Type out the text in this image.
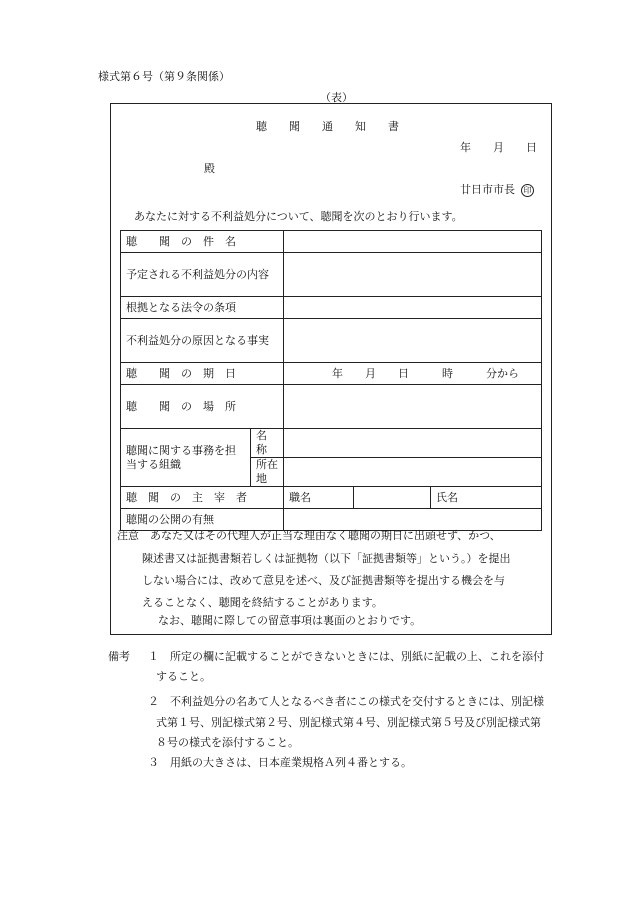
様式第６号（第９条関係）
（表）
聴　　聞　　通　　知　　書
年　　月　　日
殿
廿日市市長 印
あなたに対する不利益処分について、聴聞を次のとおり行います。
聴　　聞　の　件　名				
予定される不利益処分の内容				
根拠となる法令の条項				
不利益処分の原因となる事実				
聴　　聞　の　期　日		年　　月　　日　　　時　　　分から		
聴　　聞　の　場　所				
聴聞に関する事務を担当する組織	名　称			
	所在地			
聴　聞　の　主　宰　者		職名		氏名
聴聞の公開の有無				
注意　あなた又はその代理人が正当な理由なく聴聞の期日に出頭せず、かつ、
陳述書又は証拠書類若しくは証拠物（以下「証拠書類等」という。）を提出
しない場合には、改めて意見を述べ、及び証拠書類等を提出する機会を与
えることなく、聴聞を終結することがあります。
なお、聴聞に際しての留意事項は裏面のとおりです。
備考 １ 所定の欄に記載することができないときには、別紙に記載の上、これを添付
すること。
２ 不利益処分の名あて人となるべき者にこの様式を交付するときには、別記様
式第１号、別記様式第２号、別記様式第４号、別記様式第５号及び別記様式第
８号の様式を添付すること。
３ 用紙の大きさは、日本産業規格Ａ列４番とする。
